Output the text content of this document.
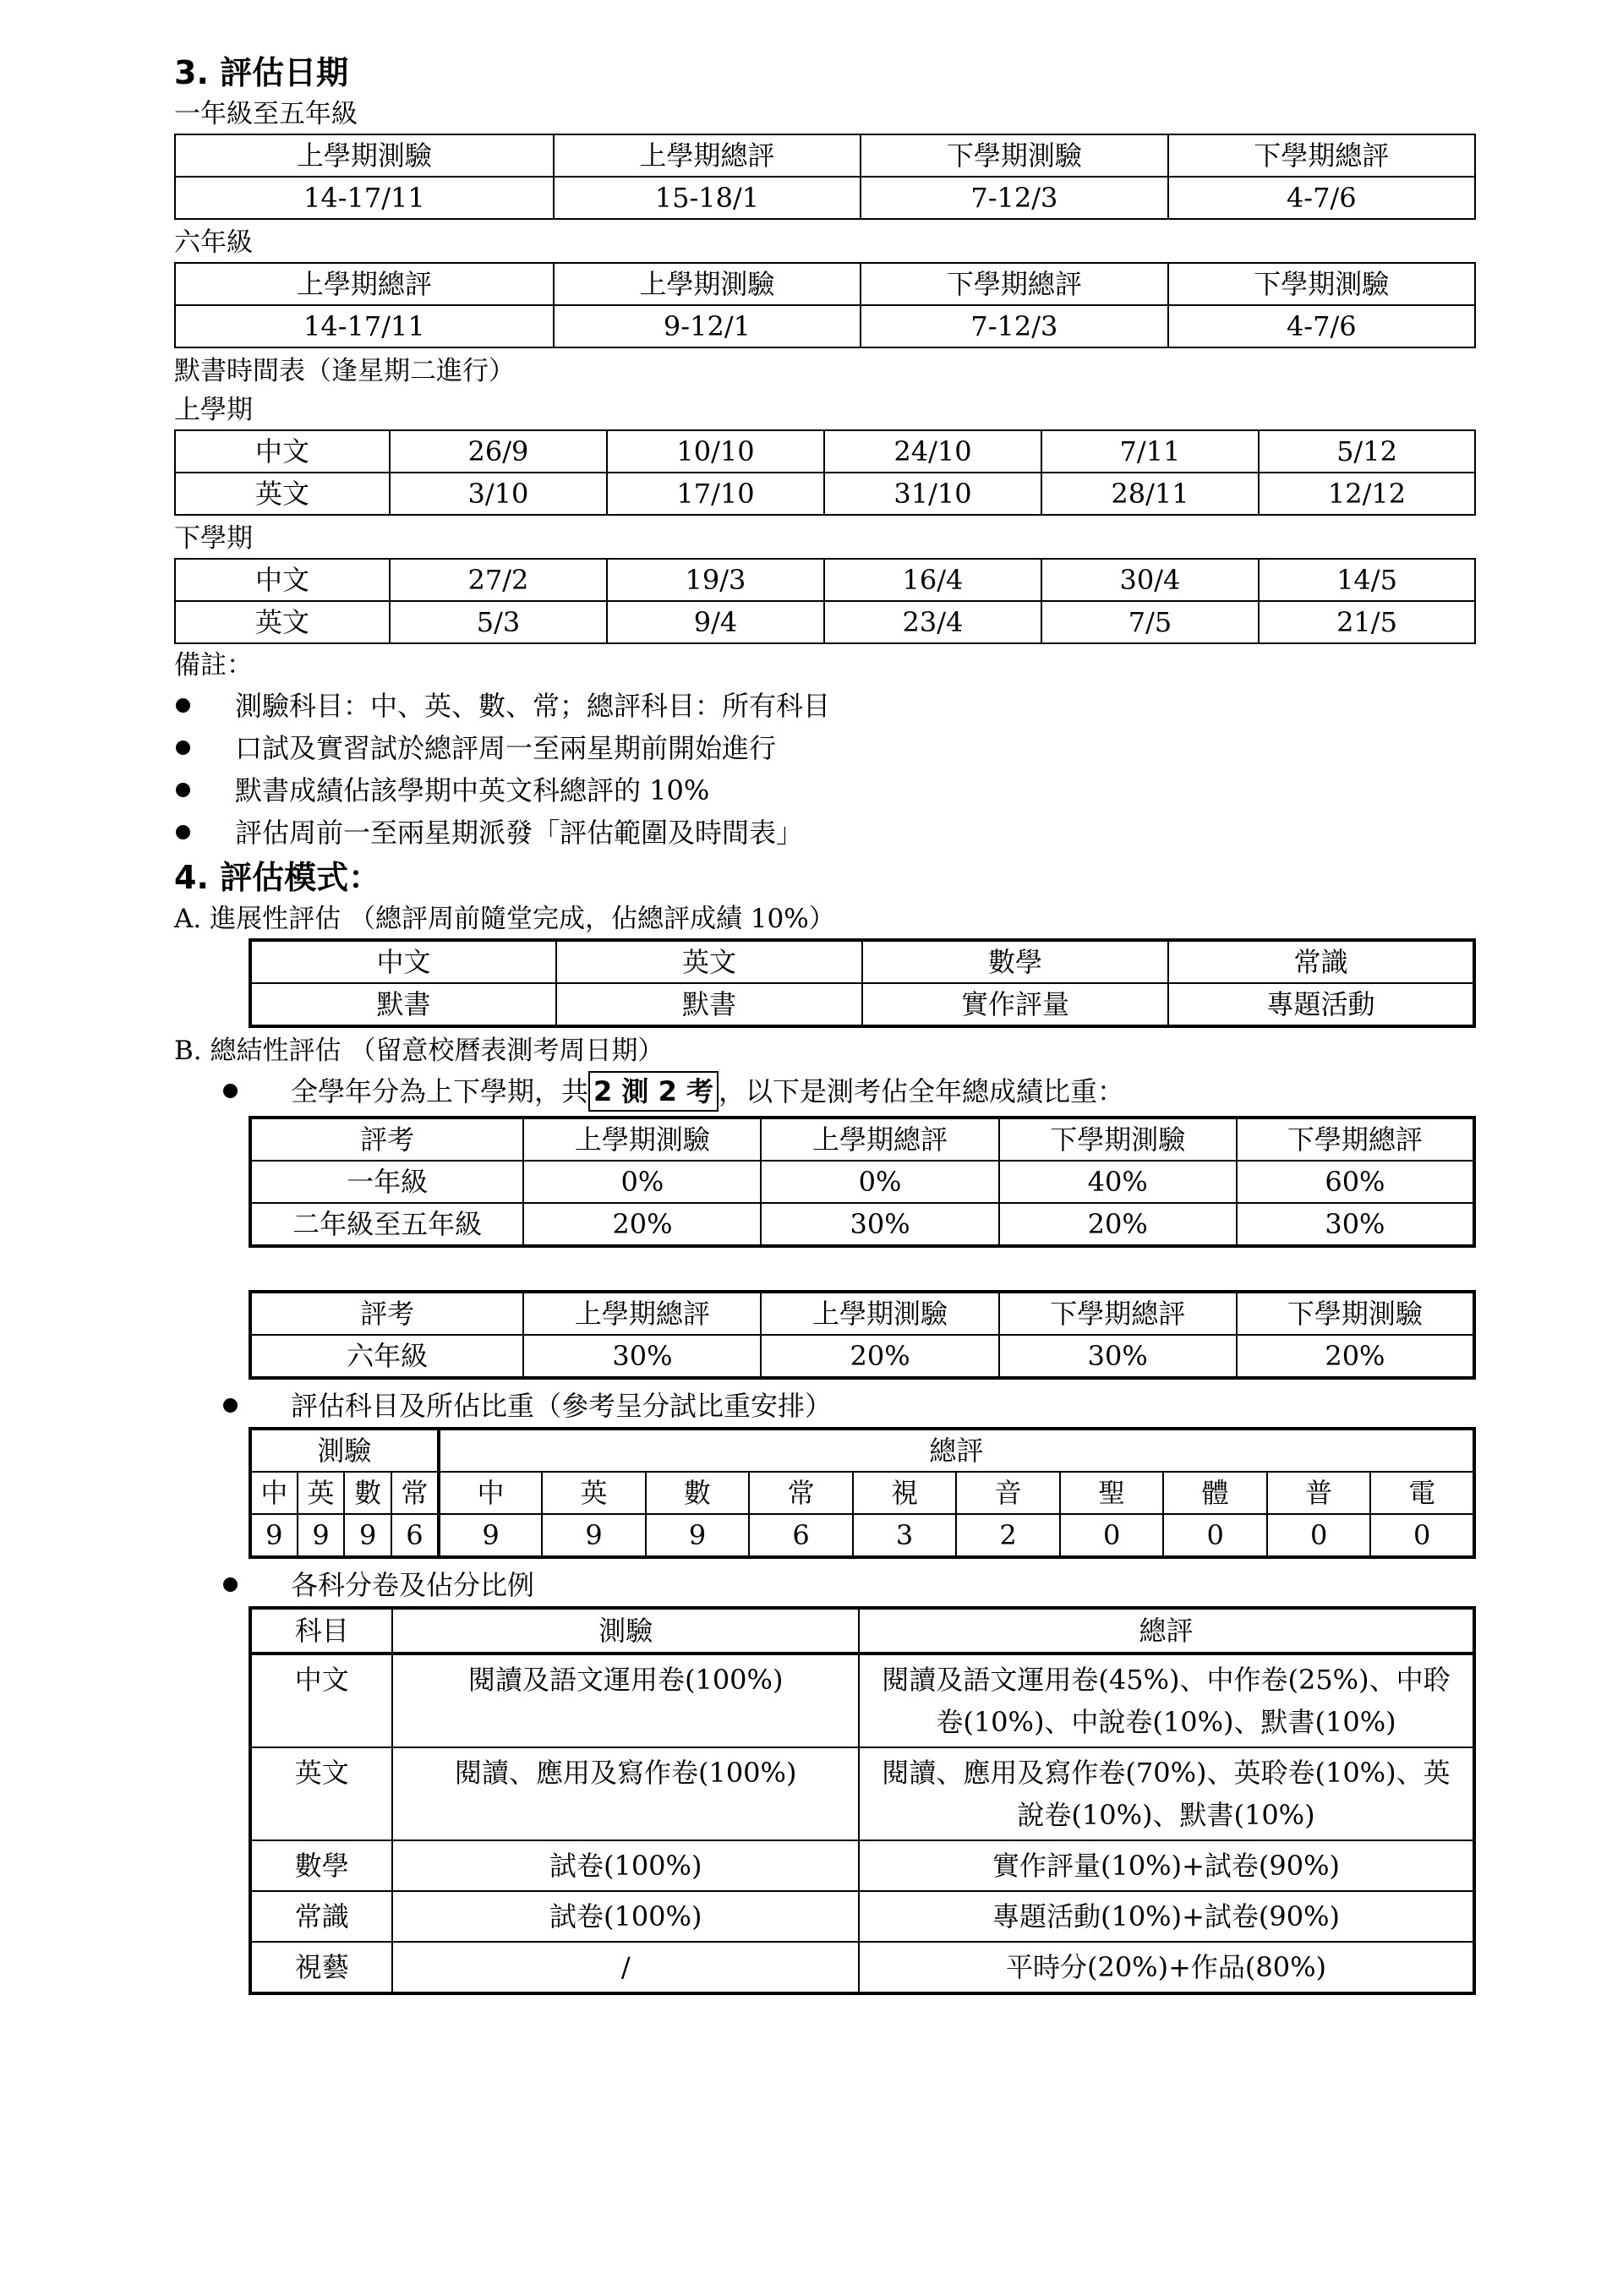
3. 評估日期
一年級至五年級
上學期測驗	上學期總評	下學期測驗	下學期總評
14-17/11	15-18/1	7-12/3	4-7/6
六年級
上學期總評	上學期測驗	下學期總評	下學期測驗
14-17/11	9-12/1	7-12/3	4-7/6
默書時間表（逢星期二進行）
上學期
中文	26/9	10/10	24/10	7/11	5/12
英文	3/10	17/10	31/10	28/11	12/12
下學期
中文	27/2	19/3	16/4	30/4	14/5
英文	5/3	9/4	23/4	7/5	21/5
備註：
測驗科目：中、英、數、常；總評科目：所有科目
口試及實習試於總評周一至兩星期前開始進行
默書成績佔該學期中英文科總評的 10%
評估周前一至兩星期派發「評估範圍及時間表」
4. 評估模式：
A. 進展性評估 （總評周前隨堂完成，佔總評成績 10%）
中文	英文	數學	常識
默書	默書	實作評量	專題活動
B. 總結性評估 （留意校曆表測考周日期）
全學年分為上下學期，共 2 測 2 考 ，以下是測考佔全年總成績比重：
評考	上學期測驗	上學期總評	下學期測驗	下學期總評
一年級	0%	0%	40%	60%
二年級至五年級	20%	30%	20%	30%
評考	上學期總評	上學期測驗	下學期總評	下學期測驗
六年級	30%	20%	30%	20%
評估科目及所佔比重（參考呈分試比重安排）
測驗				總評									
中	英	數	常	中	英	數	常	視	音	聖	體	普	電
9	9	9	6	9	9	9	6	3	2	0	0	0	0
各科分卷及佔分比例
科目	測驗	總評
中文	閱讀及語文運用卷(100%)	閱讀及語文運用卷(45%)、中作卷(25%)、中聆卷(10%)、中說卷(10%)、默書(10%)
英文	閱讀、應用及寫作卷(100%)	閱讀、應用及寫作卷(70%)、英聆卷(10%)、英說卷(10%)、默書(10%)
數學	試卷(100%)	實作評量(10%)+試卷(90%)
常識	試卷(100%)	專題活動(10%)+試卷(90%)
視藝	/	平時分(20%)+作品(80%)
